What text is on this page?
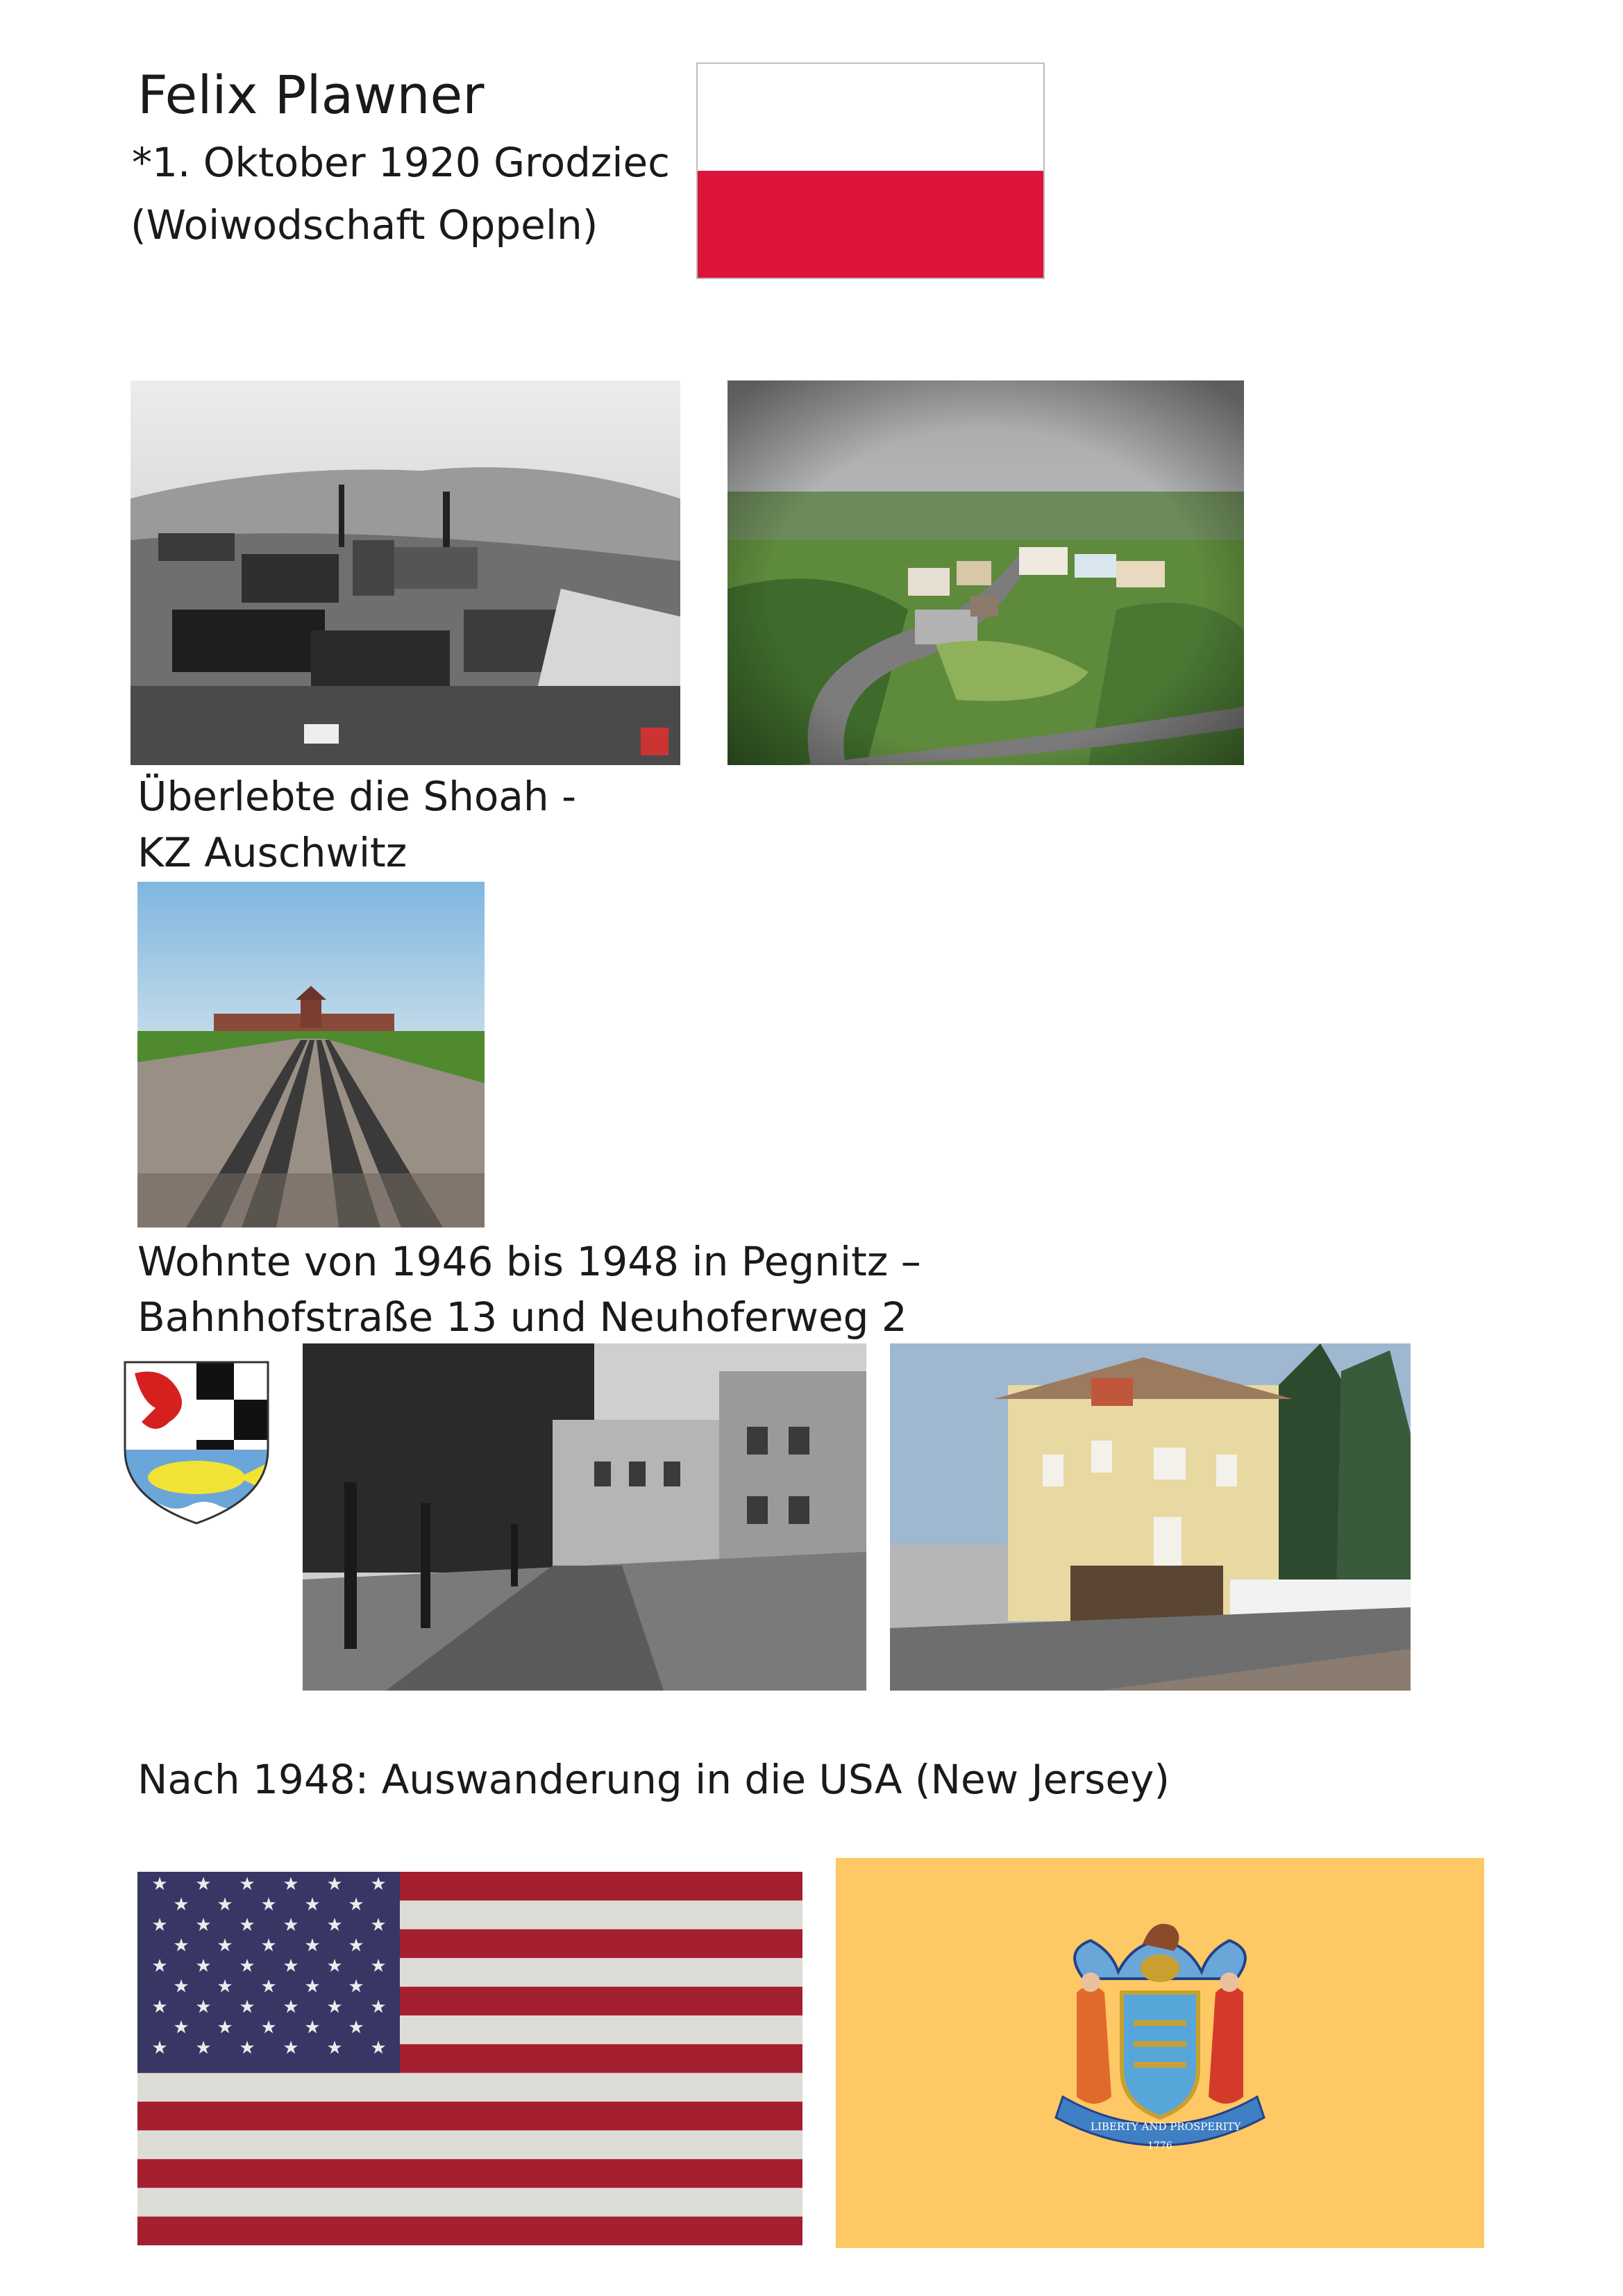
Felix Plawner
*1. Oktober 1920 Grodziec
(Woiwodschaft Oppeln)
Überlebte die Shoah -
KZ Auschwitz
Wohnte von 1946 bis 1948 in Pegnitz –
Bahnhofstraße 13 und Neuhoferweg 2
Nach 1948: Auswanderung in die USA (New Jersey)
★ ★ ★ ★ ★ ★
★ ★ ★ ★ ★
★ ★ ★ ★ ★ ★
★ ★ ★ ★ ★
★ ★ ★ ★ ★ ★
★ ★ ★ ★ ★
★ ★ ★ ★ ★ ★
★ ★ ★ ★ ★
★ ★ ★ ★ ★ ★
LIBERTY AND PROSPERITY
1776
